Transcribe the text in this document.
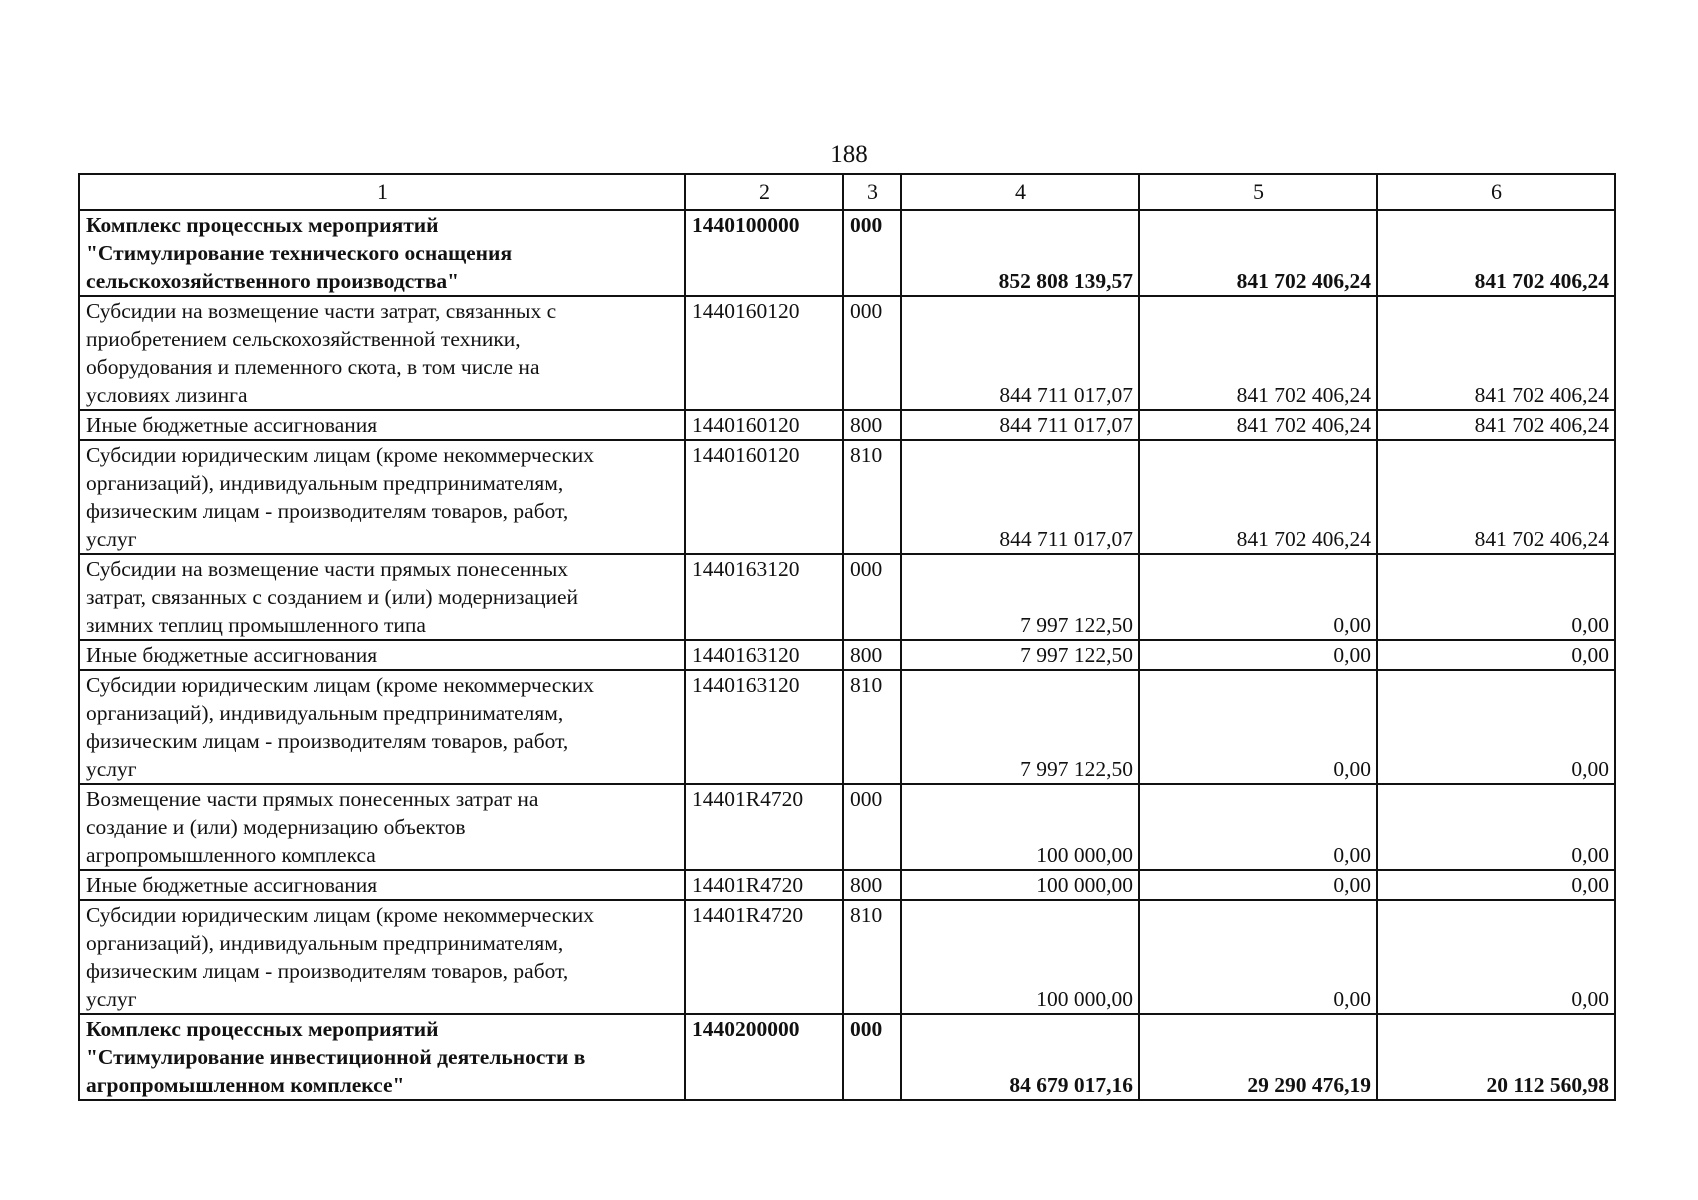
188
1	2	3	4	5	6

Комплекс процессных мероприятий
"Стимулирование технического оснащения
сельскохозяйственного производства"	1440100000	000	852 808 139,57	841 702 406,24	841 702 406,24

Субсидии на возмещение части затрат, связанных с
приобретением сельскохозяйственной техники,
оборудования и племенного скота, в том числе на
условиях лизинга	1440160120	000	844 711 017,07	841 702 406,24	841 702 406,24

Иные бюджетные ассигнования	1440160120	800	844 711 017,07	841 702 406,24	841 702 406,24

Субсидии юридическим лицам (кроме некоммерческих
организаций), индивидуальным предпринимателям,
физическим лицам - производителям товаров, работ,
услуг	1440160120	810	844 711 017,07	841 702 406,24	841 702 406,24

Субсидии на возмещение части прямых понесенных
затрат, связанных с созданием и (или) модернизацией
зимних теплиц промышленного типа	1440163120	000	7 997 122,50	0,00	0,00

Иные бюджетные ассигнования	1440163120	800	7 997 122,50	0,00	0,00

Субсидии юридическим лицам (кроме некоммерческих
организаций), индивидуальным предпринимателям,
физическим лицам - производителям товаров, работ,
услуг	1440163120	810	7 997 122,50	0,00	0,00

Возмещение части прямых понесенных затрат на
создание и (или) модернизацию объектов
агропромышленного комплекса	14401R4720	000	100 000,00	0,00	0,00

Иные бюджетные ассигнования	14401R4720	800	100 000,00	0,00	0,00

Субсидии юридическим лицам (кроме некоммерческих
организаций), индивидуальным предпринимателям,
физическим лицам - производителям товаров, работ,
услуг	14401R4720	810	100 000,00	0,00	0,00

Комплекс процессных мероприятий
"Стимулирование инвестиционной деятельности в
агропромышленном комплексе"	1440200000	000	84 679 017,16	29 290 476,19	20 112 560,98
